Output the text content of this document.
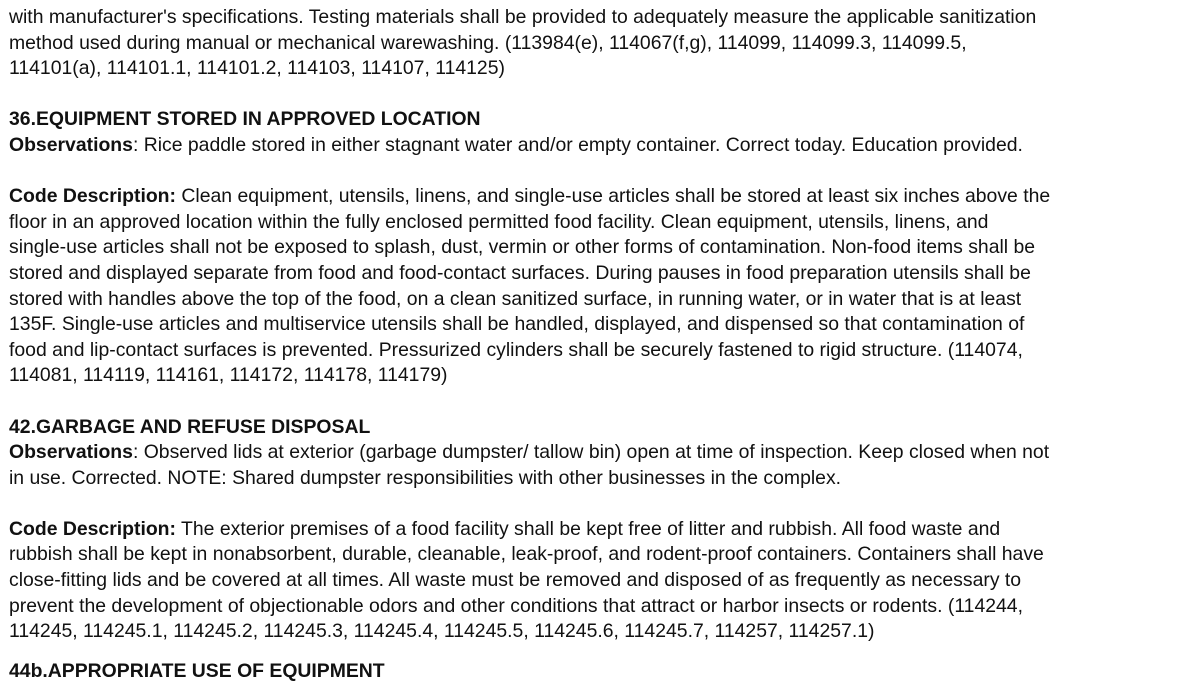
with manufacturer's specifications. Testing materials shall be provided to adequately measure the applicable sanitization
method used during manual or mechanical warewashing. (113984(e), 114067(f,g), 114099, 114099.3, 114099.5,
114101(a), 114101.1, 114101.2, 114103, 114107, 114125)

36.EQUIPMENT STORED IN APPROVED LOCATION

Observations: Rice paddle stored in either stagnant water and/or empty container. Correct today. Education provided.

Code Description: Clean equipment, utensils, linens, and single-use articles shall be stored at least six inches above the
floor in an approved location within the fully enclosed permitted food facility. Clean equipment, utensils, linens, and
single-use articles shall not be exposed to splash, dust, vermin or other forms of contamination. Non-food items shall be
stored and displayed separate from food and food-contact surfaces. During pauses in food preparation utensils shall be
stored with handles above the top of the food, on a clean sanitized surface, in running water, or in water that is at least
135F. Single-use articles and multiservice utensils shall be handled, displayed, and dispensed so that contamination of
food and lip-contact surfaces is prevented. Pressurized cylinders shall be securely fastened to rigid structure. (114074,
114081, 114119, 114161, 114172, 114178, 114179)

42.GARBAGE AND REFUSE DISPOSAL

Observations: Observed lids at exterior (garbage dumpster/ tallow bin) open at time of inspection. Keep closed when not
in use. Corrected. NOTE: Shared dumpster responsibilities with other businesses in the complex.

Code Description: The exterior premises of a food facility shall be kept free of litter and rubbish. All food waste and
rubbish shall be kept in nonabsorbent, durable, cleanable, leak-proof, and rodent-proof containers. Containers shall have
close-fitting lids and be covered at all times. All waste must be removed and disposed of as frequently as necessary to
prevent the development of objectionable odors and other conditions that attract or harbor insects or rodents. (114244,
114245, 114245.1, 114245.2, 114245.3, 114245.4, 114245.5, 114245.6, 114245.7, 114257, 114257.1)

44b.APPROPRIATE USE OF EQUIPMENT
